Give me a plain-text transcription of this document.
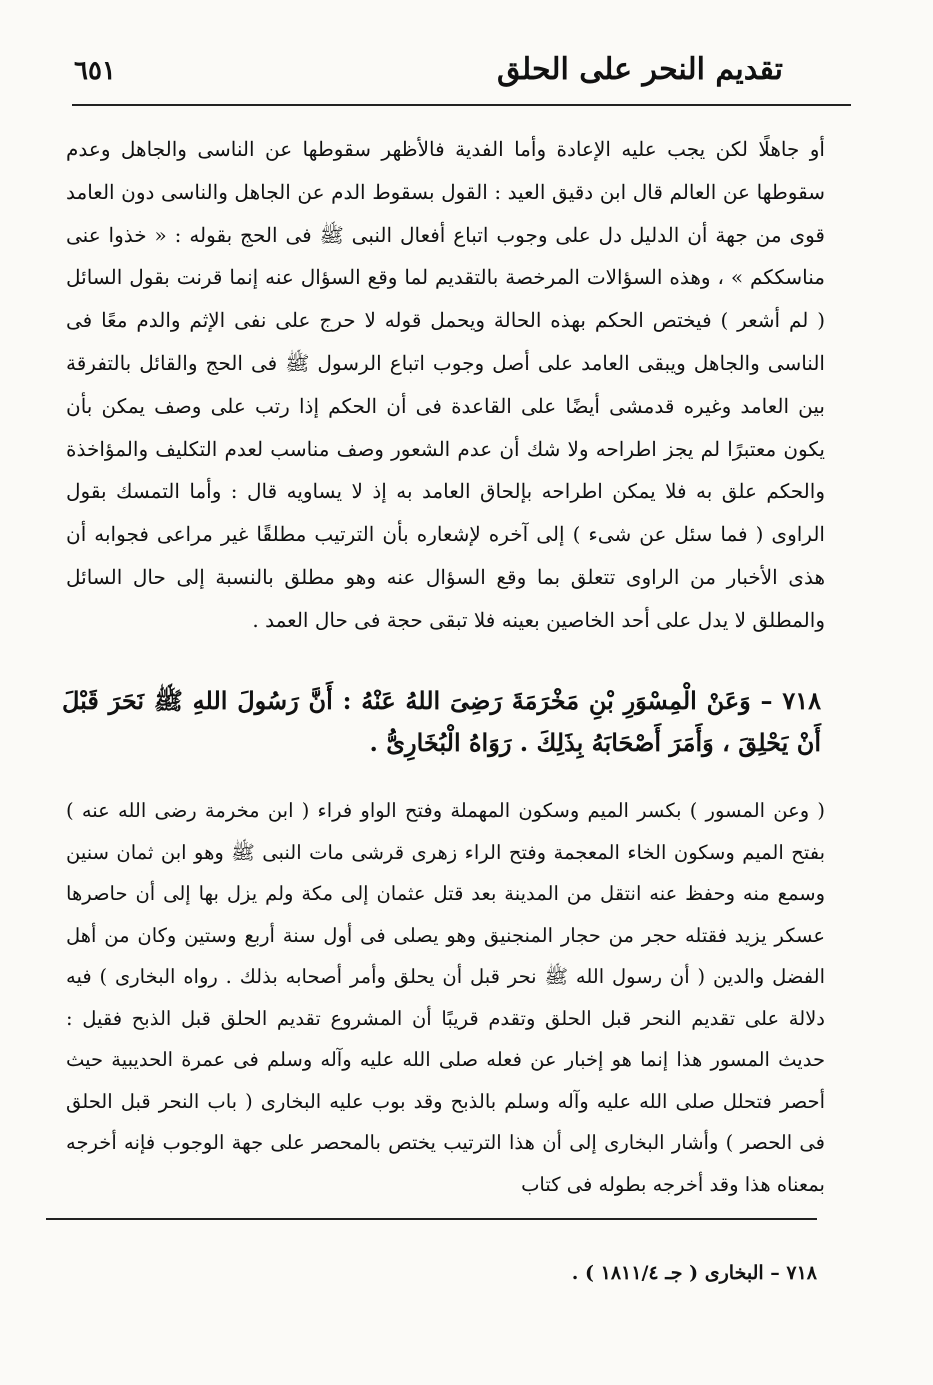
٦٥١	تقديم النحر على الحلق

أو جاهلًا لكن يجب عليه الإعادة وأما الفدية فالأظهر سقوطها عن الناسى والجاهل وعدم سقوطها عن العالم قال ابن دقيق العيد : القول بسقوط الدم عن الجاهل والناسى دون العامد قوى من جهة أن الدليل دل على وجوب اتباع أفعال النبى ﷺ فى الحج بقوله : « خذوا عنى مناسككم » ، وهذه السؤالات المرخصة بالتقديم لما وقع السؤال عنه إنما قرنت بقول السائل ( لم أشعر ) فيختص الحكم بهذه الحالة ويحمل قوله لا حرج على نفى الإثم والدم معًا فى الناسى والجاهل ويبقى العامد على أصل وجوب اتباع الرسول ﷺ فى الحج والقائل بالتفرقة بين العامد وغيره قدمشى أيضًا على القاعدة فى أن الحكم إذا رتب على وصف يمكن بأن يكون معتبرًا لم يجز اطراحه ولا شك أن عدم الشعور وصف مناسب لعدم التكليف والمؤاخذة والحكم علق به فلا يمكن اطراحه بإلحاق العامد به إذ لا يساويه قال : وأما التمسك بقول الراوى ( فما سئل عن شىء ) إلى آخره لإشعاره بأن الترتيب مطلقًا غير مراعى فجوابه أن هذى الأخبار من الراوى تتعلق بما وقع السؤال عنه وهو مطلق بالنسبة إلى حال السائل والمطلق لا يدل على أحد الخاصين بعينه فلا تبقى حجة فى حال العمد .

٧١٨ – وَعَنْ الْمِسْوَرِ بْنِ مَخْرَمَةَ رَضِىَ اللهُ عَنْهُ : أَنَّ رَسُولَ اللهِ ﷺ نَحَرَ قَبْلَ أَنْ يَحْلِقَ ، وَأَمَرَ أَصْحَابَهُ بِذَلِكَ . رَوَاهُ الْبُخَارِىُّ .

( وعن المسور ) بكسر الميم وسكون المهملة وفتح الواو فراء ( ابن مخرمة رضى الله عنه ) بفتح الميم وسكون الخاء المعجمة وفتح الراء زهرى قرشى مات النبى ﷺ وهو ابن ثمان سنين وسمع منه وحفظ عنه انتقل من المدينة بعد قتل عثمان إلى مكة ولم يزل بها إلى أن حاصرها عسكر يزيد فقتله حجر من حجار المنجنيق وهو يصلى فى أول سنة أربع وستين وكان من أهل الفضل والدين ( أن رسول الله ﷺ نحر قبل أن يحلق وأمر أصحابه بذلك . رواه البخارى ) فيه دلالة على تقديم النحر قبل الحلق وتقدم قريبًا أن المشروع تقديم الحلق قبل الذبح فقيل : حديث المسور هذا إنما هو إخبار عن فعله صلى الله عليه وآله وسلم فى عمرة الحديبية حيث أحصر فتحلل صلى الله عليه وآله وسلم بالذبح وقد بوب عليه البخارى ( باب النحر قبل الحلق فى الحصر ) وأشار البخارى إلى أن هذا الترتيب يختص بالمحصر على جهة الوجوب فإنه أخرجه بمعناه هذا وقد أخرجه بطوله فى كتاب

٧١٨ – البخارى ( جـ ١٨١١/٤ ) .
